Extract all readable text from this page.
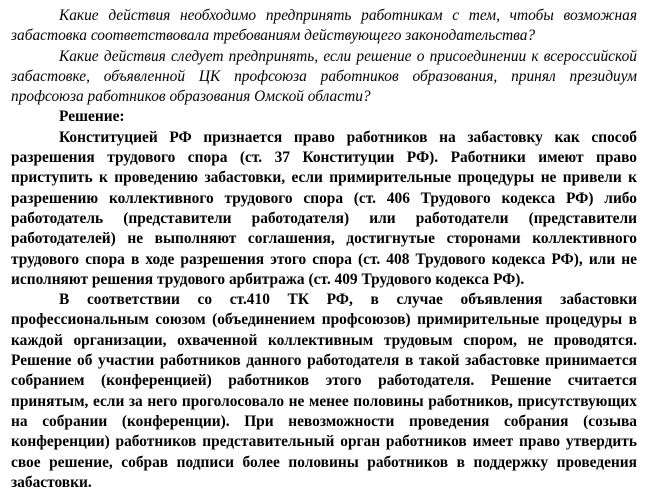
Какие действия необходимо предпринять работникам с тем, чтобы возможная забастовка соответствовала требованиям действующего законодательства?

Какие действия следует предпринять, если решение о присоединении к всероссийской забастовке, объявленной ЦК профсоюза работников образования, принял президиум профсоюза работников образования Омской области?

Решение:

Конституцией РФ признается право работников на забастовку как способ разрешения трудового спора (ст. 37 Конституции РФ). Работники имеют право приступить к проведению забастовки, если примирительные процедуры не привели к разрешению коллективного трудового спора (ст. 406 Трудового кодекса РФ) либо работодатель (представители работодателя) или работодатели (представители работодателей) не выполняют соглашения, достигнутые сторонами коллективного трудового спора в ходе разрешения этого спора (ст. 408 Трудового кодекса РФ), или не исполняют решения трудового арбитража (ст. 409 Трудового кодекса РФ).

В соответствии со ст.410 ТК РФ, в случае объявления забастовки профессиональным союзом (объединением профсоюзов) примирительные процедуры в каждой организации, охваченной коллективным трудовым спором, не проводятся. Решение об участии работников данного работодателя в такой забастовке принимается собранием (конференцией) работников этого работодателя. Решение считается принятым, если за него проголосовало не менее половины работников, присутствующих на собрании (конференции). При невозможности проведения собрания (созыва конференции) работников представительный орган работников имеет право утвердить свое решение, собрав подписи более половины работников в поддержку проведения забастовки.
